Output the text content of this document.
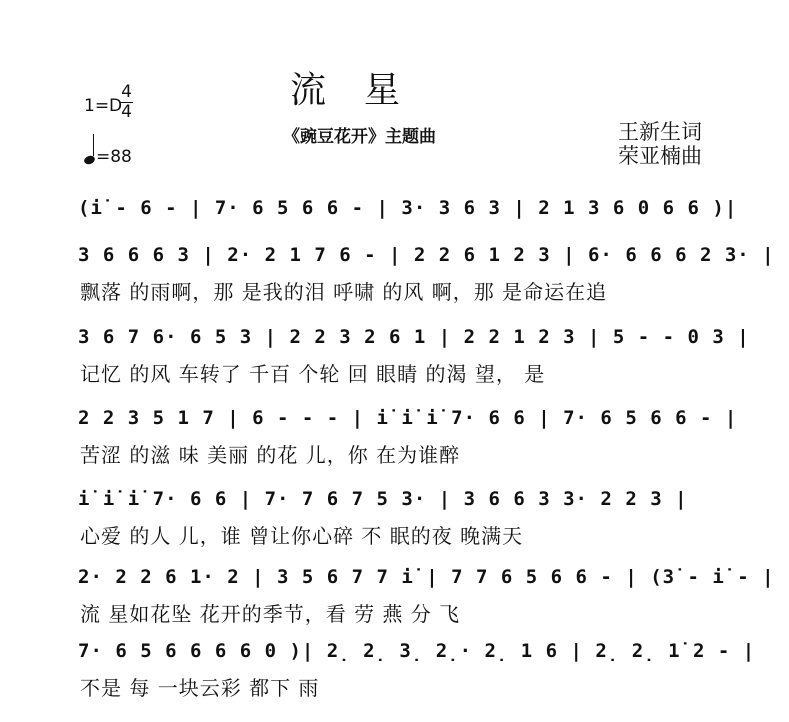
1=D
4
4
=88
流星
《豌豆花开》主题曲	王新生词
荣亚楠曲
(i̇ - 6 - | 7· 6 5 6 6 - | 3· 3 6 3 | 2 1 3 6 0 6 6 )|
3 6 6 6 3 | 2· 2 1 7 6 - | 2 2 6 1 2 3 | 6· 6 6 6 2 3· |
飘落 的雨啊，那 是我的泪 呼啸 的风 啊，那 是命运在追
3 6 7 6· 6 5 3 | 2 2 3 2 6 1 | 2 2 1 2 3 | 5 - - 0 3 |
记忆 的风 车转了 千百 个轮 回 眼睛 的渴 望， 是
2 2 3 5 1 7 | 6 - - - | i̇ i̇ i̇ 7· 6 6 | 7· 6 5 6 6 - |
苦涩 的滋 味 美丽 的花 儿，你 在为谁醉
i̇ i̇ i̇ 7· 6 6 | 7· 7 6 7 5 3· | 3 6 6 3 3· 2 2 3 |
心爱 的人 儿，谁 曾让你心碎 不 眠的夜 晚满天
2· 2 2 6 1· 2 | 3 5 6 7 7 i̇ | 7 7 6 5 6 6 - | (3̇ - i̇ - |
流 星如花坠 花开的季节，看 劳 燕 分 飞
7· 6 5 6 6 6 6 0 )| 2̣ 2̣ 3̣ 2̣· 2̣ 1 6 | 2̣ 2̣ 1̇ 2 - |
不是 每 一块云彩 都下 雨
